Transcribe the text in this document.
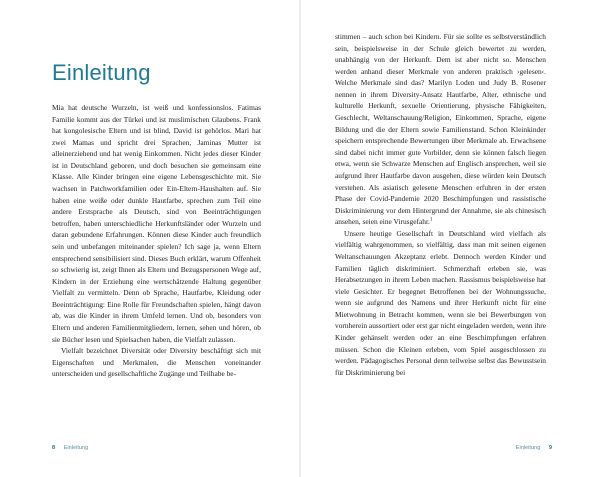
Einleitung

Mia hat deutsche Wurzeln, ist weiß und konfessionslos. Fatimas Familie kommt aus der Türkei und ist muslimischen Glaubens. Frank hat kongolesische Eltern und ist blind, David ist gehörlos. Mari hat zwei Mamas und spricht drei Sprachen, Jaminas Mutter ist alleinerziehend und hat wenig Einkommen. Nicht jedes dieser Kinder ist in Deutschland geboren, und doch besuchen sie gemeinsam eine Klasse. Alle Kinder bringen eine eigene Lebensgeschichte mit. Sie wachsen in Patchworkfamilien oder Ein-Eltern-Haushalten auf. Sie haben eine weiße oder dunkle Hautfarbe, sprechen zum Teil eine andere Erstsprache als Deutsch, sind von Beeinträchtigungen betroffen, haben unterschiedliche Herkunftsländer oder Wurzeln und daran gebundene Erfahrungen. Können diese Kinder auch freundlich sein und unbefangen miteinander spielen? Ich sage ja, wenn Eltern entsprechend sensibilisiert sind. Dieses Buch erklärt, warum Offenheit so schwierig ist, zeigt Ihnen als Eltern und Bezugspersonen Wege auf, Kindern in der Erziehung eine wertschätzende Haltung gegenüber Vielfalt zu vermitteln. Denn ob Sprache, Hautfarbe, Kleidung oder Beeinträchtigung: Eine Rolle für Freundschaften spielen, hängt davon ab, was die Kinder in ihrem Umfeld lernen. Und ob, besonders von Eltern und anderen Familienmitgliedern, lernen, sehen und hören, ob sie Bücher lesen und Spielsachen haben, die Vielfalt zulassen.

Vielfalt bezeichnet Diversität oder Diversity beschäftigt sich mit Eigenschaften und Merkmalen, die Menschen voneinander unterscheiden und gesellschaftliche Zugänge und Teilhabe be-

8 Einleitung

stimmen – auch schon bei Kindern. Für sie sollte es selbstverständlich sein, beispielsweise in der Schule gleich bewertet zu werden, unabhängig von der Herkunft. Dem ist aber nicht so. Menschen werden anhand dieser Merkmale von anderen praktisch ›gelesen‹. Welche Merkmale sind das? Marilyn Loden und Judy B. Rosener nennen in ihrem Diversity-Ansatz Hautfarbe, Alter, ethnische und kulturelle Herkunft, sexuelle Orientierung, physische Fähigkeiten, Geschlecht, Weltanschauung/Religion, Einkommen, Sprache, eigene Bildung und die der Eltern sowie Familienstand. Schon Kleinkinder speichern entsprechende Bewertungen über Merkmale ab. Erwachsene sind dabei nicht immer gute Vorbilder, denn sie können falsch liegen etwa, wenn sie Schwarze Menschen auf Englisch ansprechen, weil sie aufgrund ihrer Hautfarbe davon ausgehen, diese würden kein Deutsch verstehen. Als asiatisch gelesene Menschen erfuhren in der ersten Phase der Covid-Pandemie 2020 Beschimpfungen und rassistische Diskriminierung vor dem Hintergrund der Annahme, sie als chinesisch ansehen, seien eine Virusgefahr.$^1$

Unsere heutige Gesellschaft in Deutschland wird vielfach als vielfältig wahrgenommen, so vielfältig, dass man mit seinen eigenen Weltanschauungen Akzeptanz erlebt. Dennoch werden Kinder und Familien täglich diskriminiert. Schmerzhaft erleben sie, was Herabsetzungen in ihrem Leben machen. Rassismus beispielsweise hat viele Gesichter. Er begegnet Betroffenen bei der Wohnungssuche, wenn sie aufgrund des Namens und ihrer Herkunft nicht für eine Mietwohnung in Betracht kommen, wenn sie bei Bewerbungen von vornherein aussortiert oder erst gar nicht eingeladen werden, wenn ihre Kinder gehänselt werden oder an eine Beschimpfungen erfahren müssen. Schon die Kleinen erleben, vom Spiel ausgeschlossen zu werden. Pädagogisches Personal denn teilweise selbst das Bewusstsein für Diskriminierung bei

Einleitung 9
